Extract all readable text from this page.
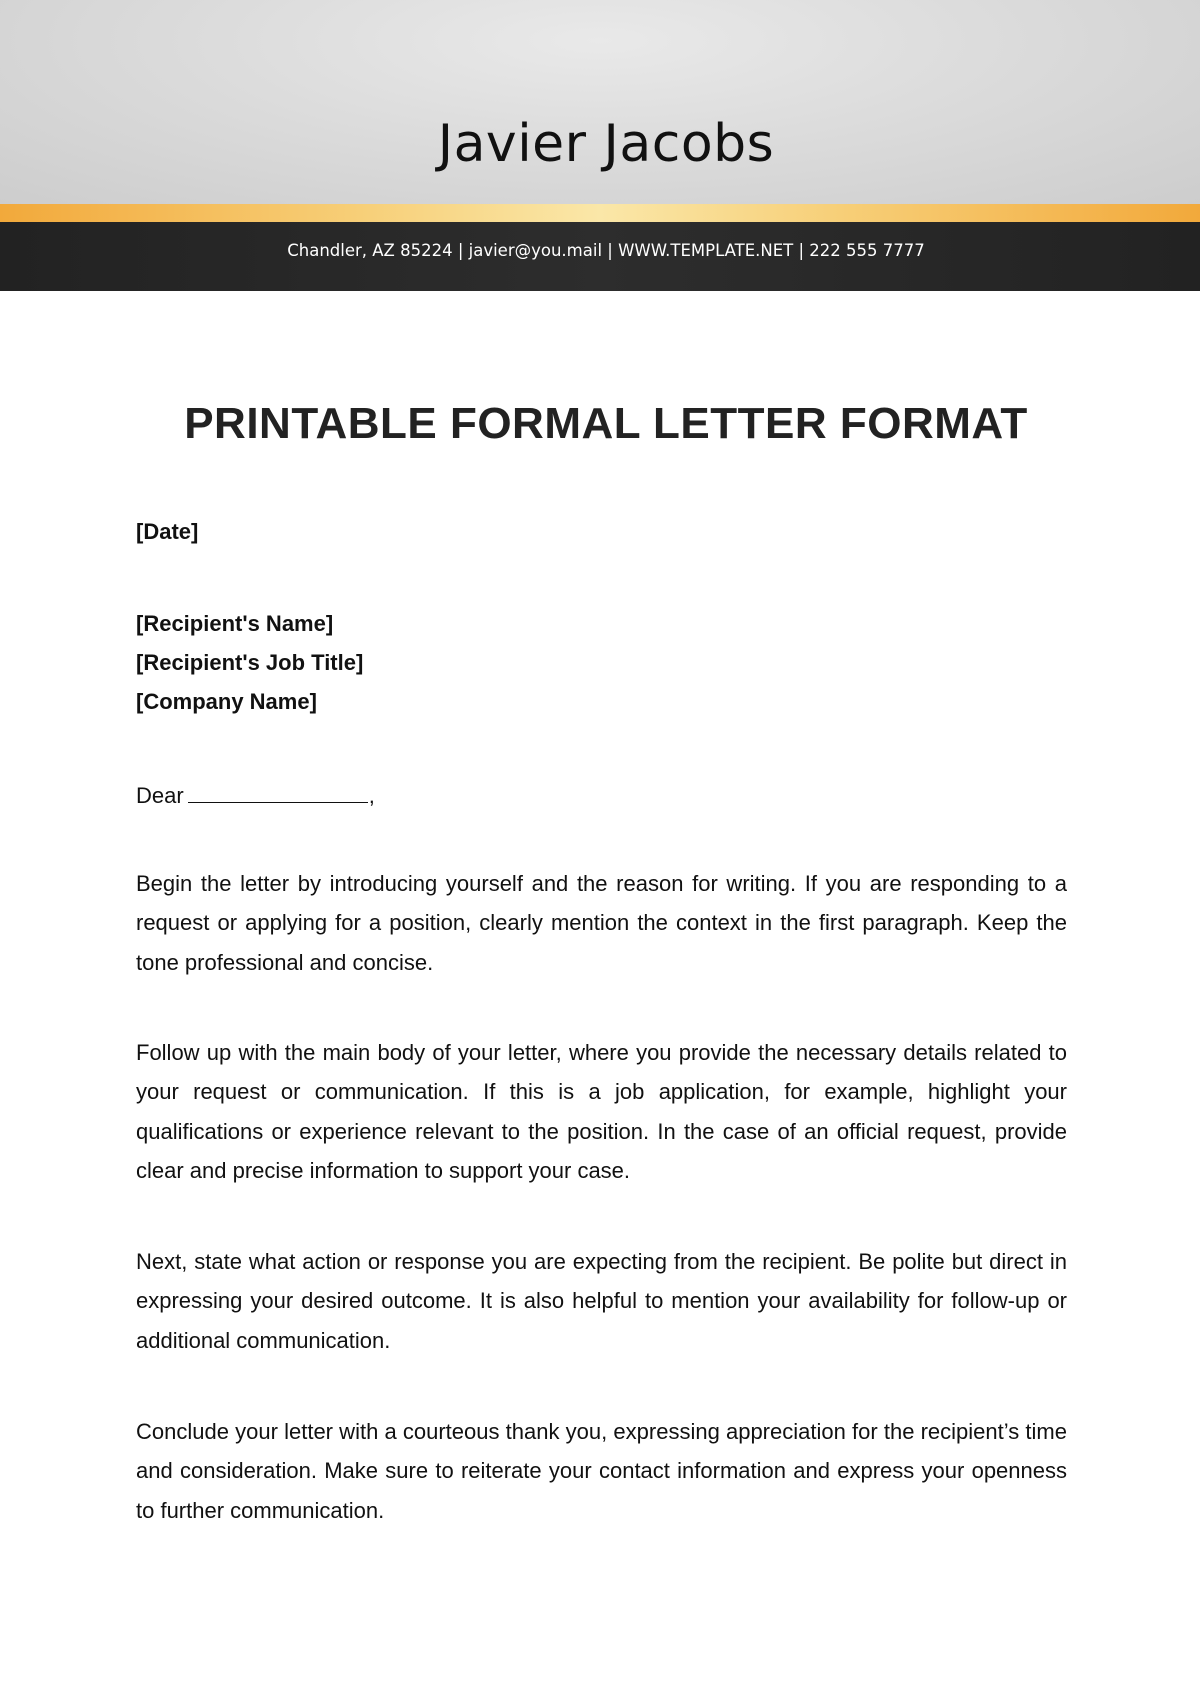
Javier Jacobs
Chandler, AZ 85224 | javier@you.mail | WWW.TEMPLATE.NET | 222 555 7777
PRINTABLE FORMAL LETTER FORMAT
[Date]
[Recipient's Name]
[Recipient's Job Title]
[Company Name]
Dear	,

Begin the letter by introducing yourself and the reason for writing. If you are responding to a request or applying for a position, clearly mention the context in the first paragraph. Keep the tone professional and concise.

Follow up with the main body of your letter, where you provide the necessary details related to your request or communication. If this is a job application, for example, highlight your qualifications or experience relevant to the position. In the case of an official request, provide clear and precise information to support your case.

Next, state what action or response you are expecting from the recipient. Be polite but direct in expressing your desired outcome. It is also helpful to mention your availability for follow-up or additional communication.

Conclude your letter with a courteous thank you, expressing appreciation for the recipient’s time and consideration. Make sure to reiterate your contact information and express your openness to further communication.
